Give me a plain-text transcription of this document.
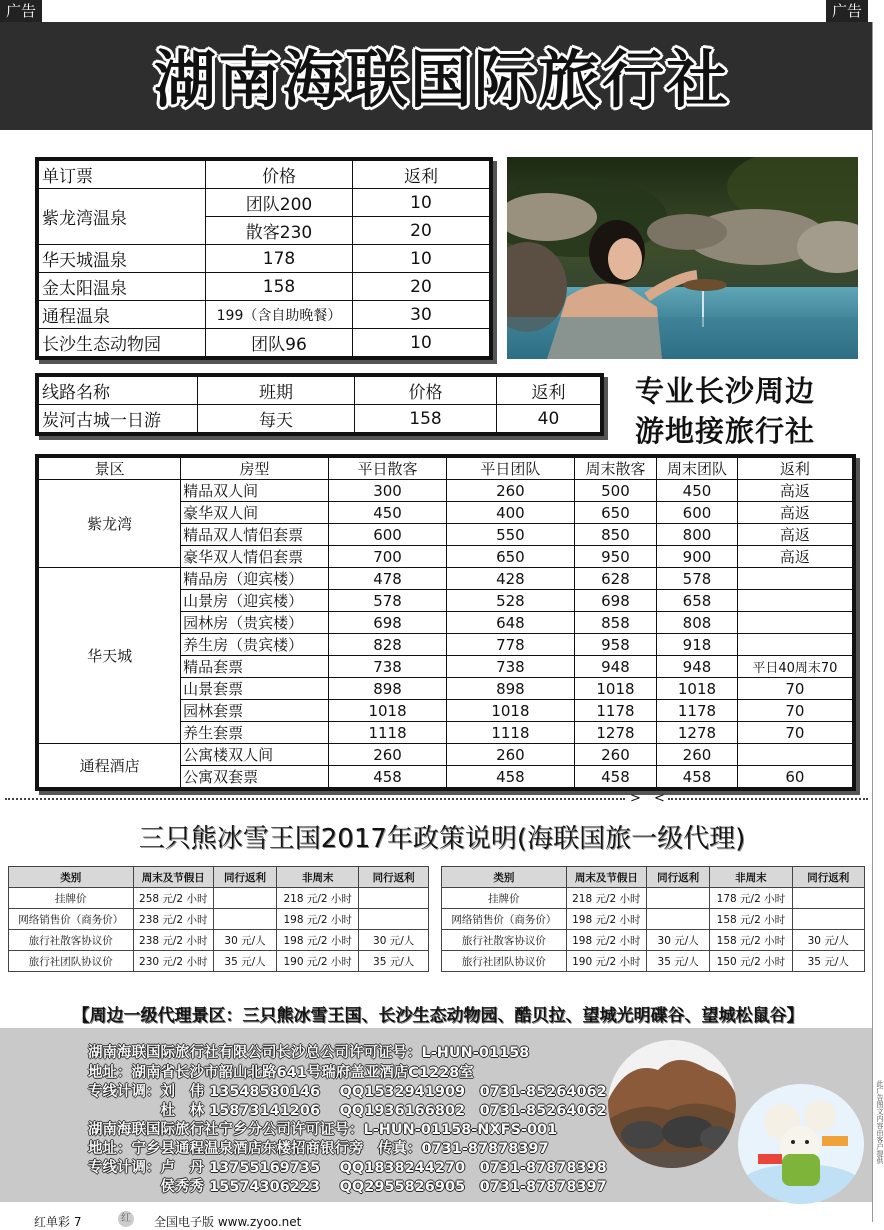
广告	广告
湖南海联国际旅行社
单订票	价格	返利
紫龙湾温泉	团队200	10
	散客230	20
华天城温泉	178	10
金太阳温泉	158	20
通程温泉	199（含自助晚餐）	30
长沙生态动物园	团队96	10
线路名称	班期	价格	返利
炭河古城一日游	每天	158	40
专业长沙周边
游地接旅行社
景区	房型	平日散客	平日团队	周末散客	周末团队	返利
紫龙湾	精品双人间	300	260	500	450	高返
	豪华双人间	450	400	650	600	高返
	精品双人情侣套票	600	550	850	800	高返
	豪华双人情侣套票	700	650	950	900	高返
华天城	精品房（迎宾楼）	478	428	628	578	
	山景房（迎宾楼）	578	528	698	658	
	园林房（贵宾楼）	698	648	858	808	
	养生房（贵宾楼）	828	778	958	918	
	精品套票	738	738	948	948	平日40周末70
	山景套票	898	898	1018	1018	70
	园林套票	1018	1018	1178	1178	70
	养生套票	1118	1118	1278	1278	70
通程酒店	公寓楼双人间	260	260	260	260	
	公寓双套票	458	458	458	458	60
> <
三只熊冰雪王国2017年政策说明(海联国旅一级代理)
类别	周末及节假日	同行返利	非周末	同行返利
挂牌价	258 元/2 小时		218 元/2 小时	
网络销售价（商务价）	238 元/2 小时		198 元/2 小时	
旅行社散客协议价	238 元/2 小时	30 元/人	198 元/2 小时	30 元/人
旅行社团队协议价	230 元/2 小时	35 元/人	190 元/2 小时	35 元/人
类别	周末及节假日	同行返利	非周末	同行返利
挂牌价	218 元/2 小时		178 元/2 小时	
网络销售价（商务价）	198 元/2 小时		158 元/2 小时	
旅行社散客协议价	198 元/2 小时	30 元/人	158 元/2 小时	30 元/人
旅行社团队协议价	190 元/2 小时	35 元/人	150 元/2 小时	35 元/人
【周边一级代理景区：三只熊冰雪王国、长沙生态动物园、酷贝拉、望城光明碟谷、望城松鼠谷】
湖南海联国际旅行社有限公司长沙总公司许可证号：L-HUN-01158
地址：湖南省长沙市韶山北路641号瑞府盖亚酒店C1228室
专线计调：刘　伟 13548580146　 QQ1532941909　0731-85264062
　　　　　杜　林 15873141206　 QQ1936166802　0731-85264062
湖南海联国际旅行社宁乡分公司许可证号：L-HUN-01158-NXFS-001
地址：宁乡县通程温泉酒店东楼招商银行旁　传真：0731-87878397
专线计调：卢　丹 13755169735　 QQ1838244270　0731-87878398
　　　　　侯秀秀 15574306223　 QQ2955826905　0731-87878397
红单彩 7	红 全国电子版 www.zyoo.net
此广告图文内容由客户提供
